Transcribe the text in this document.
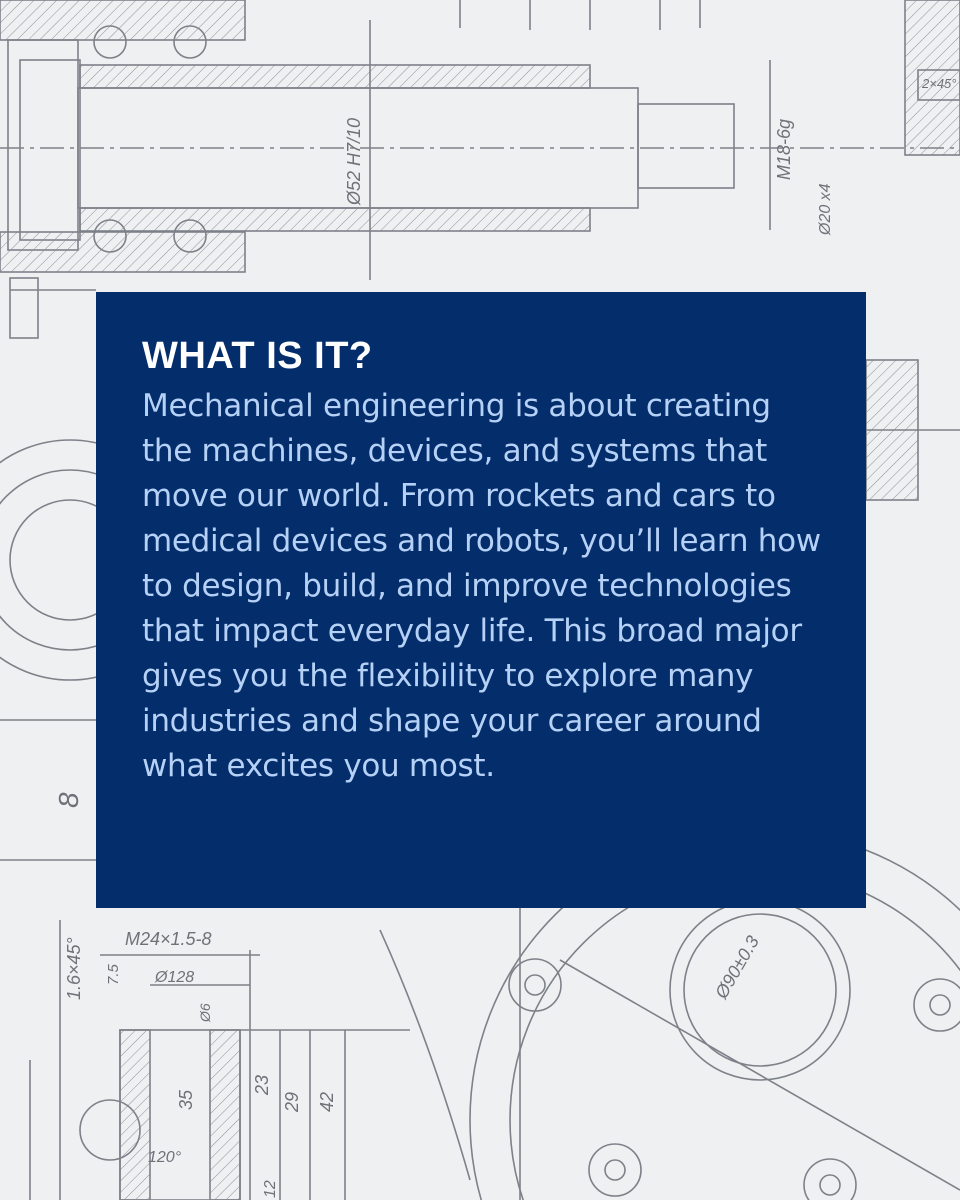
Ø52 H7/10	M18-6g
M24×1.5-8
1.6×45°	Ø128
Ø6
35
23
29 42
8
12
Ø90±0.3
120°
7.5
2×45°
Ø20 x4
WHAT IS IT?

Mechanical engineering is about creating the machines, devices, and systems that move our world. From rockets and cars to medical devices and robots, you’ll learn how to design, build, and improve technologies that impact everyday life. This broad major gives you the flexibility to explore many industries and shape your career around what excites you most.
